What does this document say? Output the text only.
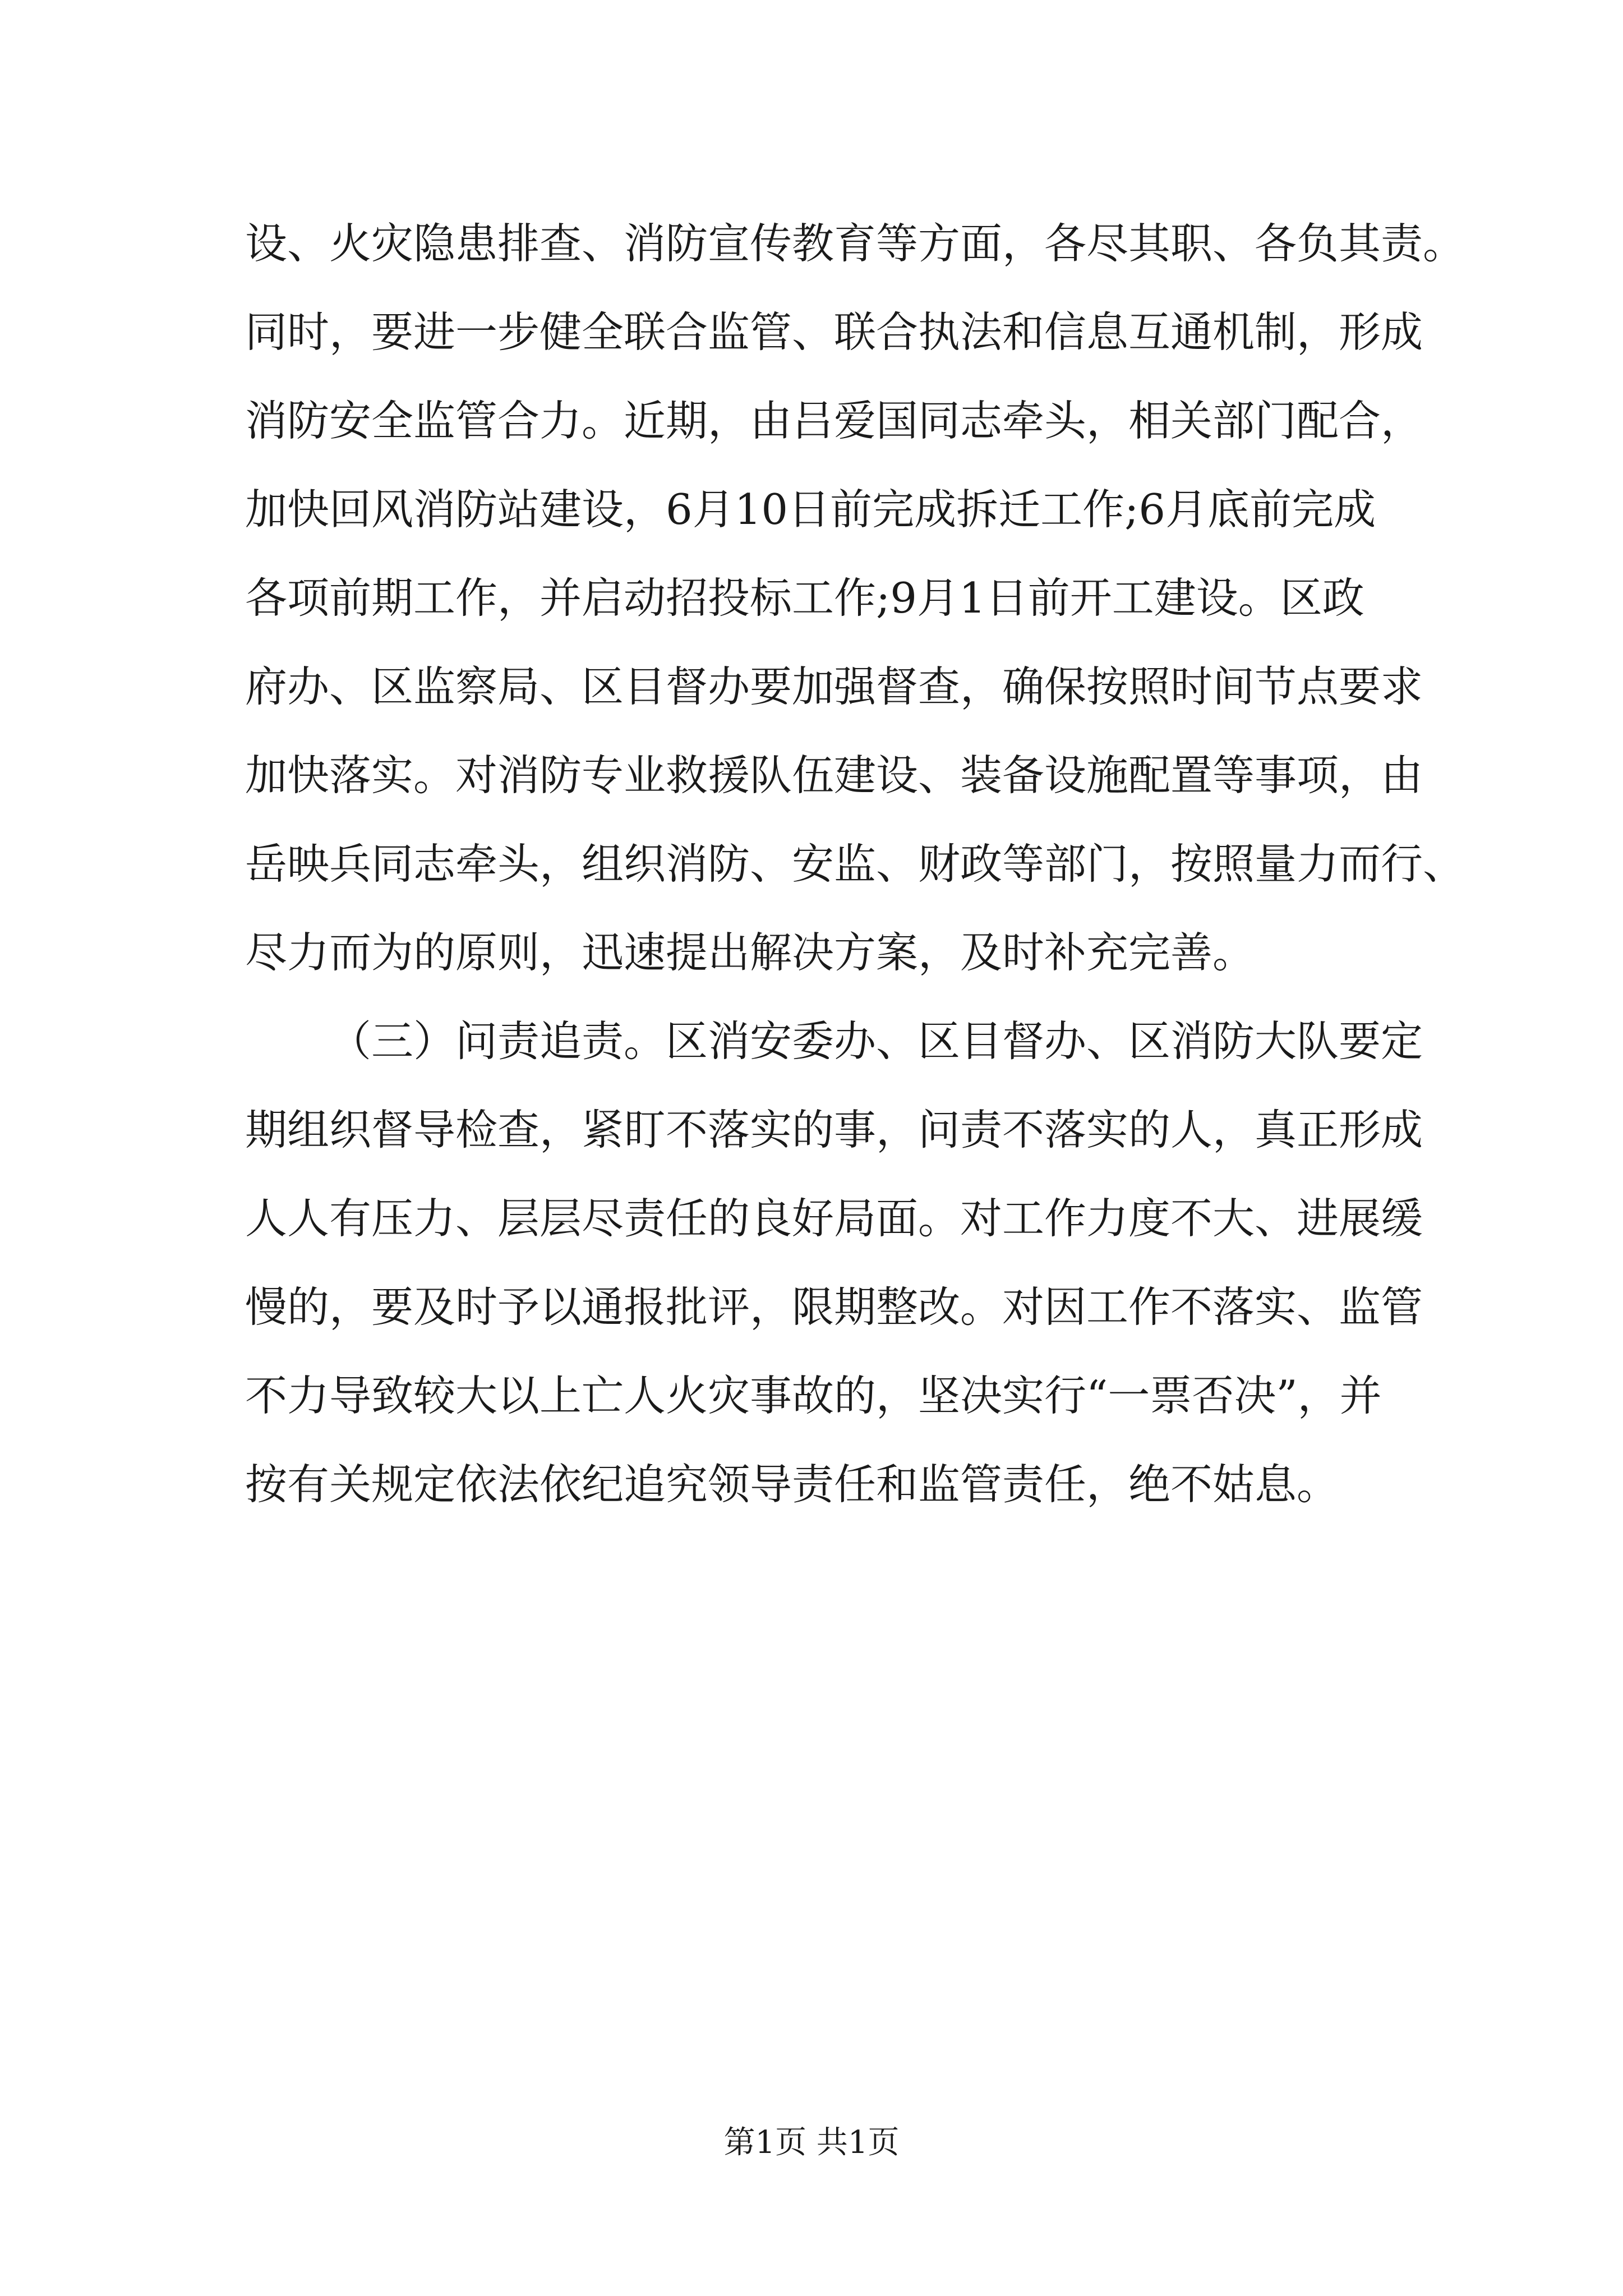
设、火灾隐患排查、消防宣传教育等方面，各尽其职、各负其责。
同时，要进一步健全联合监管、联合执法和信息互通机制，形成
消防安全监管合力。近期，由吕爱国同志牵头，相关部门配合，
加快回风消防站建设，6月10日前完成拆迁工作;6月底前完成
各项前期工作，并启动招投标工作;9月1日前开工建设。区政
府办、区监察局、区目督办要加强督查，确保按照时间节点要求
加快落实。对消防专业救援队伍建设、装备设施配置等事项，由
岳映兵同志牵头，组织消防、安监、财政等部门，按照量力而行、
尽力而为的原则，迅速提出解决方案，及时补充完善。
（三）问责追责。区消安委办、区目督办、区消防大队要定
期组织督导检查，紧盯不落实的事，问责不落实的人，真正形成
人人有压力、层层尽责任的良好局面。对工作力度不大、进展缓
慢的，要及时予以通报批评，限期整改。对因工作不落实、监管
不力导致较大以上亡人火灾事故的，坚决实行“一票否决”，并
按有关规定依法依纪追究领导责任和监管责任，绝不姑息。
第1页 共1页
